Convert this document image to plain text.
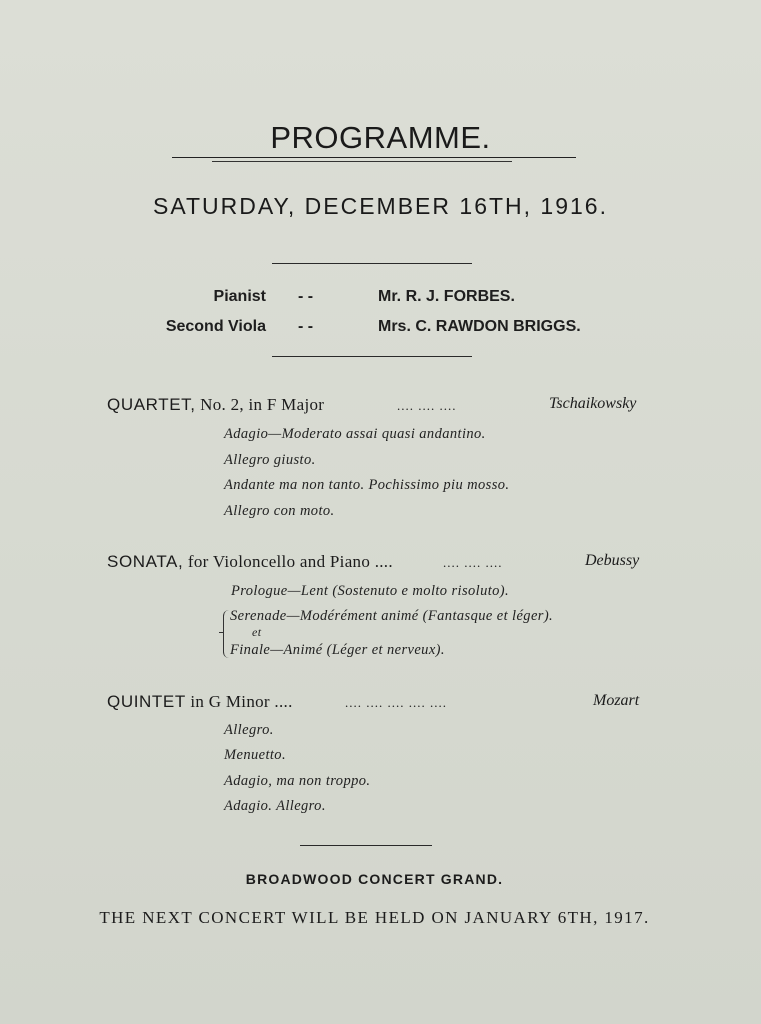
PROGRAMME.
SATURDAY, DECEMBER 16TH, 1916.
Pianist - -	Mr. R. J. FORBES.
Second Viola - -	Mrs. C. RAWDON BRIGGS.
QUARTET, No. 2, in F Major	.... .... ....	Tschaikowsky
Adagio—Moderato assai quasi andantino.
Allegro giusto.
Andante ma non tanto. Pochissimo piu mosso.
Allegro con moto.
SONATA, for Violoncello and Piano ....	.... .... ....	Debussy
Prologue—Lent (Sostenuto e molto risoluto).
Serenade—Modérément animé (Fantasque et léger).
et
Finale—Animé (Léger et nerveux).
QUINTET in G Minor ....	.... .... .... .... ....	Mozart
Allegro.
Menuetto.
Adagio, ma non troppo.
Adagio. Allegro.
BROADWOOD CONCERT GRAND.
THE NEXT CONCERT WILL BE HELD ON JANUARY 6TH, 1917.
